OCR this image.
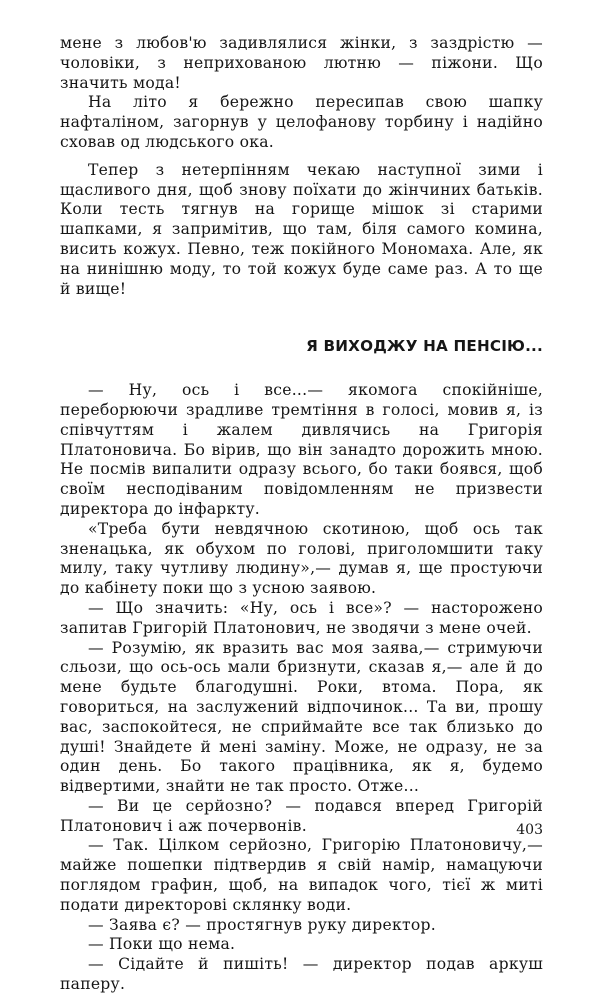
мене з любов'ю задивлялися жінки, з заздрістю — чоловіки, з неприхованою лютню — піжони. Що значить мода!

На літо я бережно пересипав свою шапку нафталіном, загорнув у целофанову торбину і надійно сховав од людського ока.

Тепер з нетерпінням чекаю наступної зими і щасливого дня, щоб знову поїхати до жінчиних батьків. Коли тесть тягнув на горище мішок зі старими шапками, я запримітив, що там, біля самого комина, висить кожух. Певно, теж покійного Мономаха. Але, як на нинішню моду, то той кожух буде саме раз. А то ще й вище!

Я ВИХОДЖУ НА ПЕНСІЮ...

— Ну, ось і все...— якомога спокійніше, переборюючи зрадливе тремтіння в голосі, мовив я, із співчуттям і жалем дивлячись на Григорія Платоновича. Бо вірив, що він занадто дорожить мною. Не посмів випалити одразу всього, бо таки боявся, щоб своїм несподіваним повідомленням не призвести директора до інфаркту.

«Треба бути невдячною скотиною, щоб ось так зненацька, як обухом по голові, приголомшити таку милу, таку чутливу людину»,— думав я, ще простуючи до кабінету поки що з усною заявою.

— Що значить: «Ну, ось і все»? — насторожено запитав Григорій Платонович, не зводячи з мене очей.

— Розумію, як вразить вас моя заява,— стримуючи сльози, що ось-ось мали бризнути, сказав я,— але й до мене будьте благодушні. Роки, втома. Пора, як говориться, на заслужений відпочинок... Та ви, прошу вас, заспокойтеся, не сприймайте все так близько до душі! Знайдете й мені заміну. Може, не одразу, не за один день. Бо такого працівника, як я, будемо відвертими, знайти не так просто. Отже...

— Ви це серйозно? — подався вперед Григорій Платонович і аж почервонів.

— Так. Цілком серйозно, Григорію Платоновичу,— майже пошепки підтвердив я свій намір, намацуючи поглядом графин, щоб, на випадок чого, тієї ж миті подати директорові склянку води.

— Заява є? — простягнув руку директор.

— Поки що нема.

— Сідайте й пишіть! — директор подав аркуш паперу.

403
